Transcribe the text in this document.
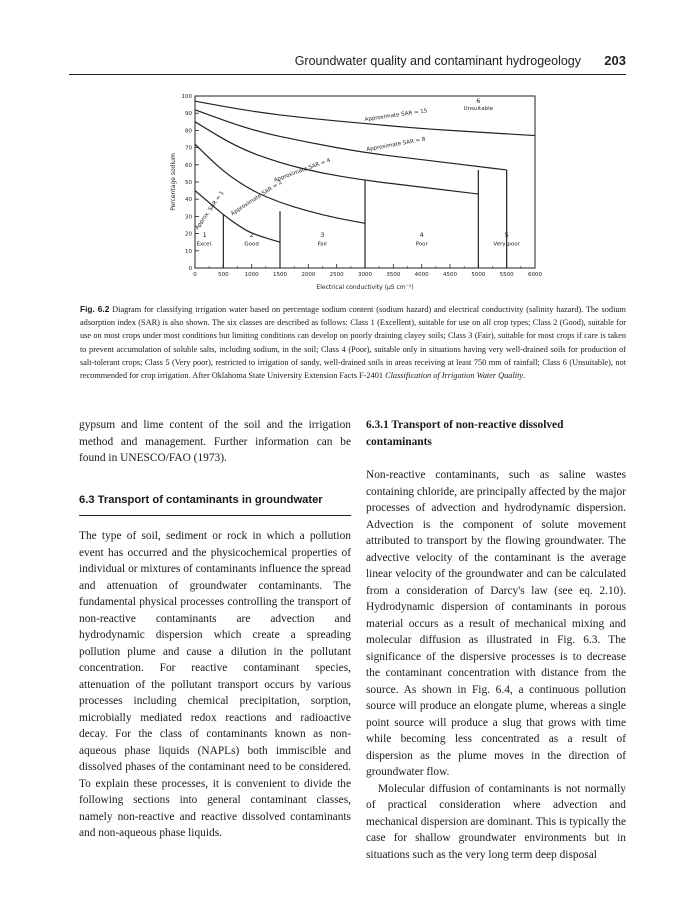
Groundwater quality and contaminant hydrogeology 203
0
10
20
30
40
50
60
70
80
90
100
0	500	1000	1500	2000	2500	3000	3500	4000	4500	5000	5500	6000
Electrical conductivity (µS cm⁻¹)
Percentage sodium
Approximate SAR = 15
Approximate SAR = 8
Approximate SAR = 4
Approximate SAR = 2
Approx. SAR = 1
1
Excel.
2
Good
3
Fair
4
Poor
5
Very poor
6
Unsuitable
Fig. 6.2 Diagram for classifying irrigation water based on percentage sodium content (sodium hazard) and electrical conductivity (salinity hazard). The sodium adsorption index (SAR) is also shown. The six classes are described as follows: Class 1 (Excellent), suitable for use on all crop types; Class 2 (Good), suitable for use on most crops under most conditions but limiting conditions can develop on poorly draining clayey soils; Class 3 (Fair), suitable for most crops if care is taken to prevent accumulation of soluble salts, including sodium, in the soil; Class 4 (Poor), suitable only in situations having very well-drained soils for production of salt-tolerant crops; Class 5 (Very poor), restricted to irrigation of sandy, well-drained soils in areas receiving at least 750 mm of rainfall; Class 6 (Unsuitable), not recommended for crop irrigation. After Oklahoma State University Extension Facts F-2401 Classification of Irrigation Water Quality.

gypsum and lime content of the soil and the irrigation method and management. Further information can be found in UNESCO/FAO (1973).

6.3 Transport of contaminants in groundwater

The type of soil, sediment or rock in which a pollution event has occurred and the physicochemical properties of individual or mixtures of contaminants influence the spread and attenuation of groundwater contaminants. The fundamental physical processes controlling the transport of non-reactive contaminants are advection and hydrodynamic dispersion which create a spreading pollution plume and cause a dilution in the pollutant concentration. For reactive contaminant species, attenuation of the pollutant transport occurs by various processes including chemical precipitation, sorption, microbially mediated redox reactions and radioactive decay. For the class of contaminants known as non-aqueous phase liquids (NAPLs) both immiscible and dissolved phases of the contaminant need to be considered. To explain these processes, it is convenient to divide the following sections into general contaminant classes, namely non-reactive and reactive dissolved contaminants and non-aqueous phase liquids.

6.3.1 Transport of non-reactive dissolved contaminants

Non-reactive contaminants, such as saline wastes containing chloride, are principally affected by the major processes of advection and hydrodynamic dispersion. Advection is the component of solute movement attributed to transport by the flowing groundwater. The advective velocity of the contaminant is the average linear velocity of the groundwater and can be calculated from a consideration of Darcy's law (see eq. 2.10). Hydrodynamic dispersion of contaminants in porous material occurs as a result of mechanical mixing and molecular diffusion as illustrated in Fig. 6.3. The significance of the dispersive processes is to decrease the contaminant concentration with distance from the source. As shown in Fig. 6.4, a continuous pollution source will produce an elongate plume, whereas a single point source will produce a slug that grows with time while becoming less concentrated as a result of dispersion as the plume moves in the direction of groundwater flow.

Molecular diffusion of contaminants is not normally of practical consideration where advection and mechanical dispersion are dominant. This is typically the case for shallow groundwater environments but in situations such as the very long term deep disposal
